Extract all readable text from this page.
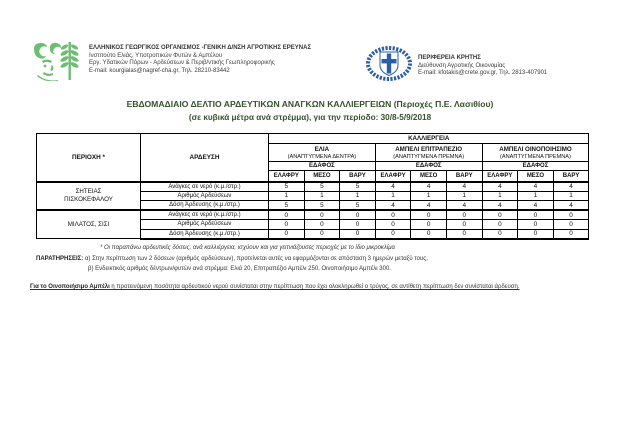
ΕΛΛΗΝΙΚΟΣ ΓΕΩΡΓΙΚΟΣ ΟΡΓΑΝΙΣΜΟΣ -ΓΕΝΙΚΗ Δ/ΝΣΗ ΑΓΡΟΤΙΚΗΣ ΕΡΕΥΝΑΣ
Ινστιτούτο Ελιάς, Υποτροπικών Φυτών & Αμπέλου
Εργ. Υδατικών Πόρων - Αρδεύσεων & Περιβ/ντικής Γεωπληροφορικής
E-mail: kourgialas@nagref-cha.gr, Τηλ. 28210-83442
ΠΕΡΙΦΕΡΕΙΑ ΚΡΗΤΗΣ
Διεύθυνση Αγροτικής Οικονομίας
E-mail: kfotakis@crete.gov.gr, Τηλ. 2813-407901
ΕΒΔΟΜΑΔΙΑΙΟ ΔΕΛΤΙΟ ΑΡΔΕΥΤΙΚΩΝ ΑΝΑΓΚΩΝ ΚΑΛΛΙΕΡΓΕΙΩΝ (Περιοχές Π.Ε. Λασιθίου)
(σε κυβικά μέτρα ανά στρέμμα), για την περίοδο: 30/8-5/9/2018
ΠΕΡΙΟΧΗ *	ΑΡΔΕΥΣΗ	ΚΑΛΛΙΕΡΓΕΙΑ								

		ΕΛΙΑ
(ΑΝΑΠΤΥΓΜΕΝΑ ΔΕΝΤΡΑ)			ΑΜΠΕΛΙ ΕΠΙΤΡΑΠΕΖΙΟ
(ΑΝΑΠΤΥΓΜΕΝΑ ΠΡΕΜΝΑ)			ΑΜΠΕΛΙ ΟΙΝΟΠΟΙΗΣΙΜΟ
(ΑΝΑΠΤΥΓΜΕΝΑ ΠΡΕΜΝΑ)		

		ΕΔΑΦΟΣ			ΕΔΑΦΟΣ			ΕΔΑΦΟΣ		
		ΕΛΑΦΡΥ	ΜΕΣΟ	ΒΑΡΥ	ΕΛΑΦΡΥ	ΜΕΣΟ	ΒΑΡΥ	ΕΛΑΦΡΥ	ΜΕΣΟ	ΒΑΡΥ
ΣΗΤΕΙΑΣ
ΠΙΣΚΟΚΕΦΑΛΟΥ	Ανάγκες σε νερό (κ.μ./στρ.)	5	5	5	4	4	4	4	4	4
	Αριθμός Αρδεύσεων	1	1	1	1	1	1	1	1	1
	Δόση Άρδευσης (κ.μ./στρ.)	5	5	5	4	4	4	4	4	4
ΜΙΛΑΤΟΣ, ΣΙΣΙ	Ανάγκες σε νερό (κ.μ./στρ.)	0	0	0	0	0	0	0	0	0
	Αριθμός Αρδεύσεων	0	0	0	0	0	0	0	0	0
	Δόση Άρδευσης (κ.μ./στρ.)	0	0	0	0	0	0	0	0	0
* Οι παραπάνω αρδευτικές δόσεις, ανά καλλιέργεια, ισχύουν και για γειτνιάζουσες περιοχές με το ίδιο μικροκλίμα
ΠΑΡΑΤΗΡΗΣΕΙΣ: α) Στην περίπτωση των 2 δόσεων (αριθμός αρδεύσεων), προτείνεται αυτές να εφαρμόζονται σε απόσταση 3 ημερών μεταξύ τους,
β) Ενδεικτικός αριθμός δέντρων/φυτών ανά στρέμμα: Ελιά 20, Επιτραπέζιο Αμπέλι 250, Οινοποιήσιμο Αμπέλι 300.
Για το Οινοποιήσιμο Αμπέλι η προτεινόμενη ποσότητα αρδευτικού νερού συνίσταται στην περίπτωση που έχει ολοκληρωθεί ο τρύγος, σε αντίθετη περίπτωση δεν συνίσταται άρδευση.
